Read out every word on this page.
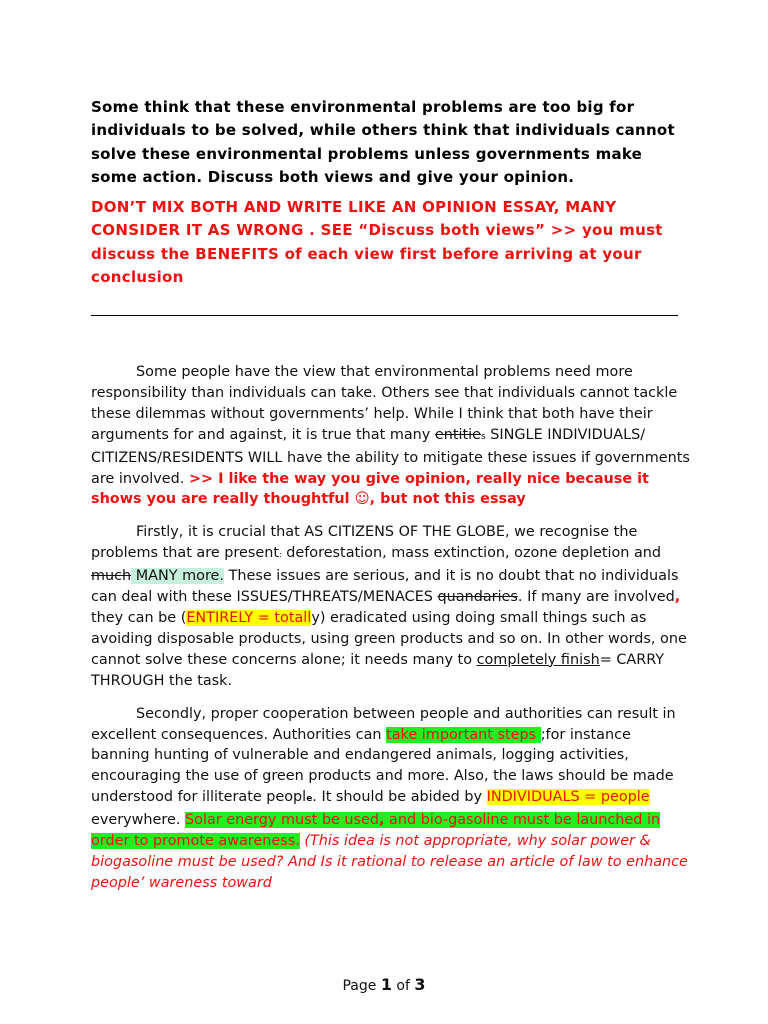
Some think that these environmental problems are too big for individuals to be solved, while others think that individuals cannot solve these environmental problems unless governments make some action. Discuss both views and give your opinion.
DON’T MIX BOTH AND WRITE LIKE AN OPINION ESSAY, MANY CONSIDER IT AS WRONG . SEE “Discuss both views” >> you must discuss the BENEFITS of each view first before arriving at your conclusion

Some people have the view that environmental problems need more responsibility than individuals can take. Others see that individuals cannot tackle these dilemmas without governments’ help. While I think that both have their arguments for and against, it is true that many entities SINGLE INDIVIDUALS/ CITIZENS/RESIDENTS WILL have the ability to mitigate these issues if governments are involved. >> I like the way you give opinion, really nice because it shows you are really thoughtful ☺, but not this essay

Firstly, it is crucial that AS CITIZENS OF THE GLOBE, we recognise the problems that are present: deforestation, mass extinction, ozone depletion and much MANY more. These issues are serious, and it is no doubt that no individuals can deal with these ISSUES/THREATS/MENACES quandaries. If many are involved, they can be (ENTIRELY = totally) eradicated using doing small things such as avoiding disposable products, using green products and so on. In other words, one cannot solve these concerns alone; it needs many to completely finish= CARRY THROUGH the task.

Secondly, proper cooperation between people and authorities can result in excellent consequences. Authorities can take important steps ;for instance banning hunting of vulnerable and endangered animals, logging activities, encouraging the use of green products and more. Also, the laws should be made understood for illiterate people. It should be abided by INDIVIDUALS = people everywhere. Solar energy must be used, and bio-gasoline must be launched in order to promote awareness. (This idea is not appropriate, why solar power & biogasoline must be used? And Is it rational to release an article of law to enhance people’ wareness toward

Page 1 of 3
